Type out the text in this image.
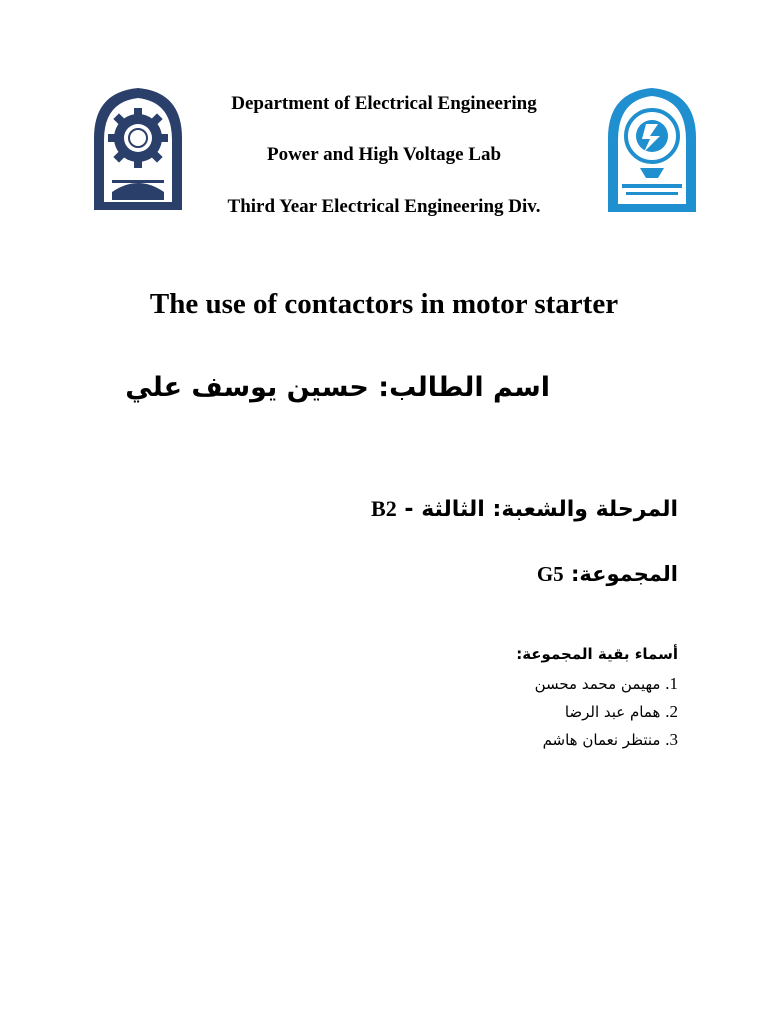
Department of Electrical Engineering
Power and High Voltage Lab
Third Year Electrical Engineering Div.
The use of contactors in motor starter
اسم الطالب: حسين يوسف علي
المرحلة والشعبة: الثالثة - B2
المجموعة: G5
أسماء بقية المجموعة:
1. مهيمن محمد محسن
2. همام عبد الرضا
3. منتظر نعمان هاشم
